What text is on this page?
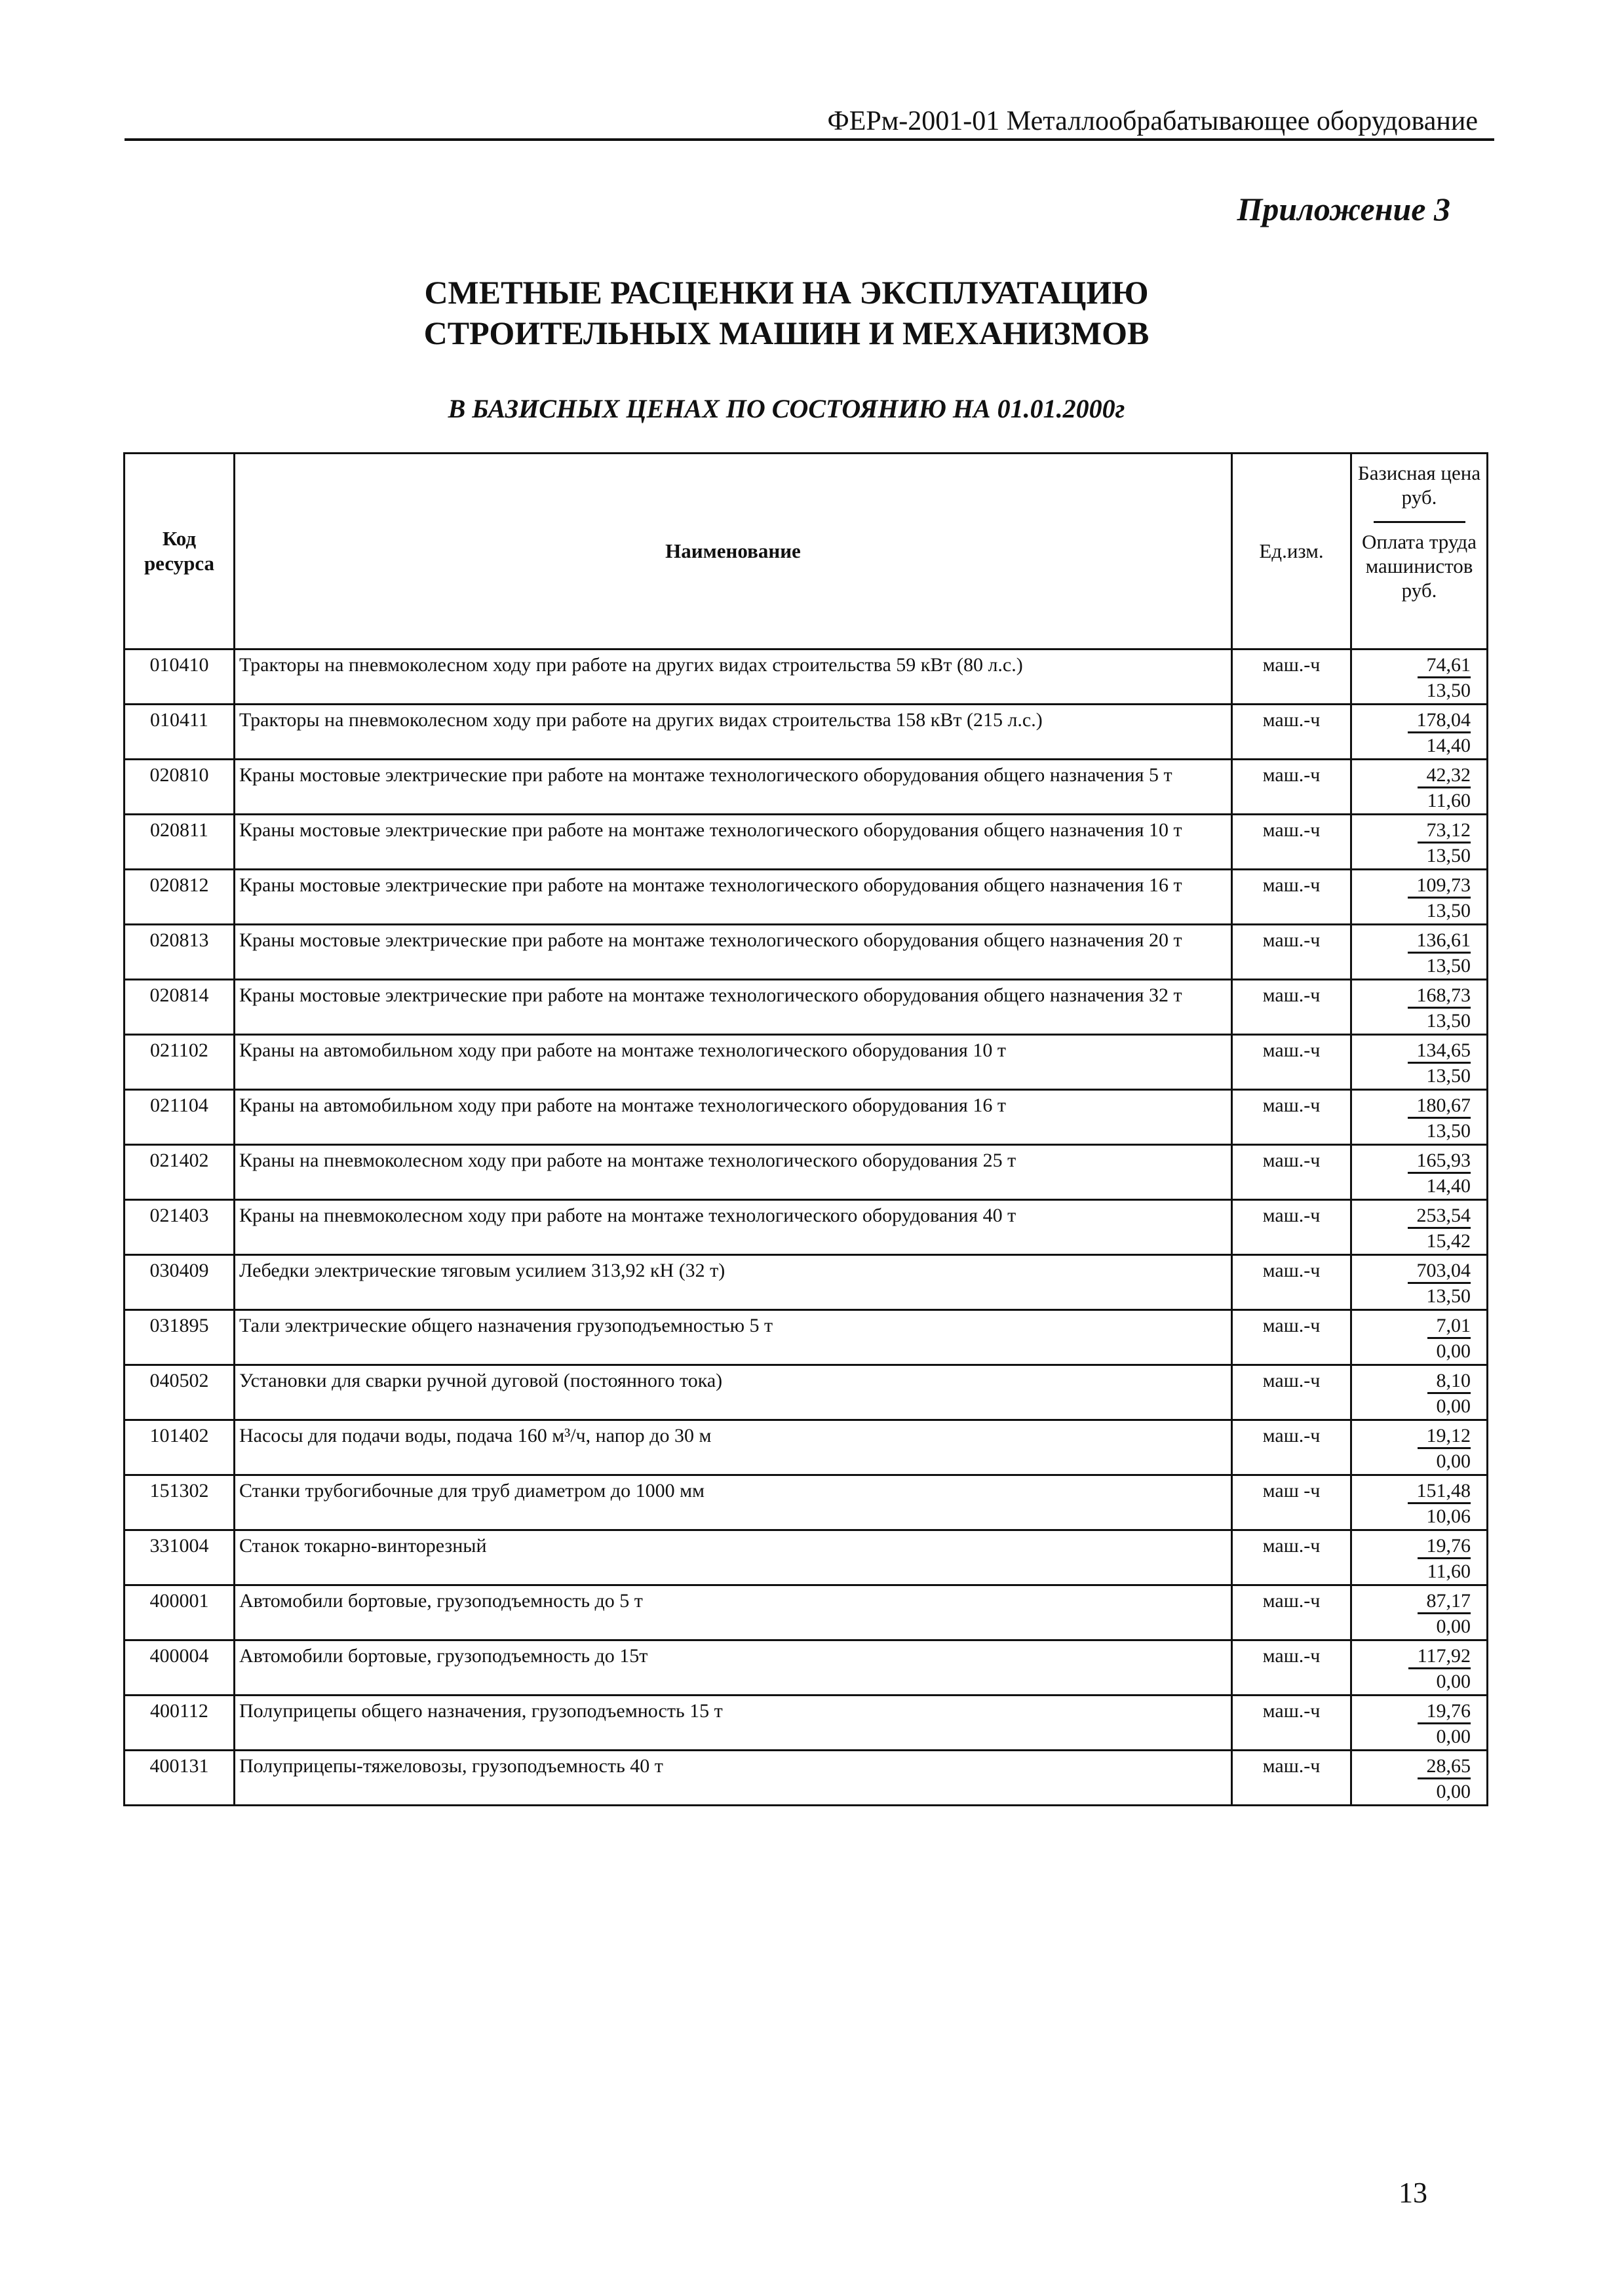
ФЕРм-2001-01 Металлообрабатывающее оборудование
Приложение 3
СМЕТНЫЕ РАСЦЕНКИ НА ЭКСПЛУАТАЦИЮ
СТРОИТЕЛЬНЫХ МАШИН И МЕХАНИЗМОВ
В БАЗИСНЫХ ЦЕНАХ ПО СОСТОЯНИЮ НА 01.01.2000г
Код ресурса	Наименование	Ед.изм.	Базисная цена руб.
Оплата труда машинистов руб.

010410	Тракторы на пневмоколесном ходу при работе на других видах строительства 59 кВт (80 л.с.)	маш.-ч	74,61
13,50

010411	Тракторы на пневмоколесном ходу при работе на других видах строительства 158 кВт (215 л.с.)	маш.-ч	178,04
14,40

020810	Краны мостовые электрические при работе на монтаже технологического оборудования общего назначения 5 т	маш.-ч	42,32
11,60

020811	Краны мостовые электрические при работе на монтаже технологического оборудования общего назначения 10 т	маш.-ч	73,12
13,50

020812	Краны мостовые электрические при работе на монтаже технологического оборудования общего назначения 16 т	маш.-ч	109,73
13,50

020813	Краны мостовые электрические при работе на монтаже технологического оборудования общего назначения 20 т	маш.-ч	136,61
13,50

020814	Краны мостовые электрические при работе на монтаже технологического оборудования общего назначения 32 т	маш.-ч	168,73
13,50

021102	Краны на автомобильном ходу при работе на монтаже технологического оборудования 10 т	маш.-ч	134,65
13,50

021104	Краны на автомобильном ходу при работе на монтаже технологического оборудования 16 т	маш.-ч	180,67
13,50

021402	Краны на пневмоколесном ходу при работе на монтаже технологического оборудования 25 т	маш.-ч	165,93
14,40

021403	Краны на пневмоколесном ходу при работе на монтаже технологического оборудования 40 т	маш.-ч	253,54
15,42

030409	Лебедки электрические тяговым усилием 313,92 кН (32 т)	маш.-ч	703,04
13,50

031895	Тали электрические общего назначения грузоподъемностью 5 т	маш.-ч	7,01
0,00

040502	Установки для сварки ручной дуговой (постоянного тока)	маш.-ч	8,10
0,00

101402	Насосы для подачи воды, подача 160 м³/ч, напор до 30 м	маш.-ч	19,12
0,00

151302	Станки трубогибочные для труб диаметром до 1000 мм	маш -ч	151,48
10,06

331004	Станок токарно-винторезный	маш.-ч	19,76
11,60

400001	Автомобили бортовые, грузоподъемность до 5 т	маш.-ч	87,17
0,00

400004	Автомобили бортовые, грузоподъемность до 15т	маш.-ч	117,92
0,00

400112	Полуприцепы общего назначения, грузоподъемность 15 т	маш.-ч	19,76
0,00

400131	Полуприцепы-тяжеловозы, грузоподъемность 40 т	маш.-ч	28,65
0,00
13
